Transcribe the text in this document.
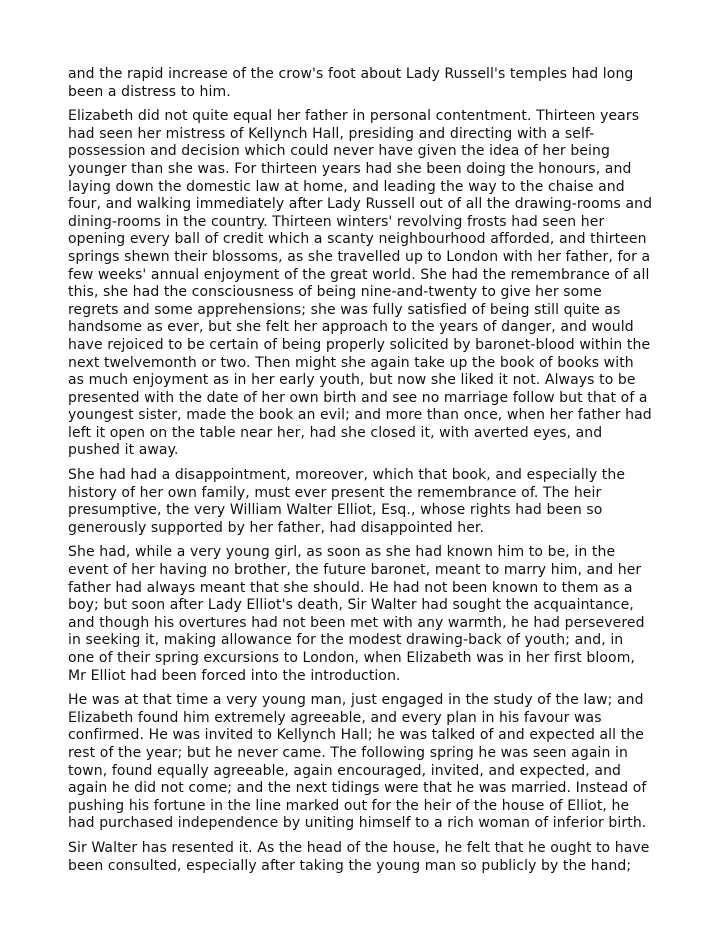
and the rapid increase of the crow's foot about Lady Russell's temples had long
been a distress to him.

Elizabeth did not quite equal her father in personal contentment. Thirteen years
had seen her mistress of Kellynch Hall, presiding and directing with a self-
possession and decision which could never have given the idea of her being
younger than she was. For thirteen years had she been doing the honours, and
laying down the domestic law at home, and leading the way to the chaise and
four, and walking immediately after Lady Russell out of all the drawing-rooms and
dining-rooms in the country. Thirteen winters' revolving frosts had seen her
opening every ball of credit which a scanty neighbourhood afforded, and thirteen
springs shewn their blossoms, as she travelled up to London with her father, for a
few weeks' annual enjoyment of the great world. She had the remembrance of all
this, she had the consciousness of being nine-and-twenty to give her some
regrets and some apprehensions; she was fully satisfied of being still quite as
handsome as ever, but she felt her approach to the years of danger, and would
have rejoiced to be certain of being properly solicited by baronet-blood within the
next twelvemonth or two. Then might she again take up the book of books with
as much enjoyment as in her early youth, but now she liked it not. Always to be
presented with the date of her own birth and see no marriage follow but that of a
youngest sister, made the book an evil; and more than once, when her father had
left it open on the table near her, had she closed it, with averted eyes, and
pushed it away.

She had had a disappointment, moreover, which that book, and especially the
history of her own family, must ever present the remembrance of. The heir
presumptive, the very William Walter Elliot, Esq., whose rights had been so
generously supported by her father, had disappointed her.

She had, while a very young girl, as soon as she had known him to be, in the
event of her having no brother, the future baronet, meant to marry him, and her
father had always meant that she should. He had not been known to them as a
boy; but soon after Lady Elliot's death, Sir Walter had sought the acquaintance,
and though his overtures had not been met with any warmth, he had persevered
in seeking it, making allowance for the modest drawing-back of youth; and, in
one of their spring excursions to London, when Elizabeth was in her first bloom,
Mr Elliot had been forced into the introduction.

He was at that time a very young man, just engaged in the study of the law; and
Elizabeth found him extremely agreeable, and every plan in his favour was
confirmed. He was invited to Kellynch Hall; he was talked of and expected all the
rest of the year; but he never came. The following spring he was seen again in
town, found equally agreeable, again encouraged, invited, and expected, and
again he did not come; and the next tidings were that he was married. Instead of
pushing his fortune in the line marked out for the heir of the house of Elliot, he
had purchased independence by uniting himself to a rich woman of inferior birth.

Sir Walter has resented it. As the head of the house, he felt that he ought to have
been consulted, especially after taking the young man so publicly by the hand;
